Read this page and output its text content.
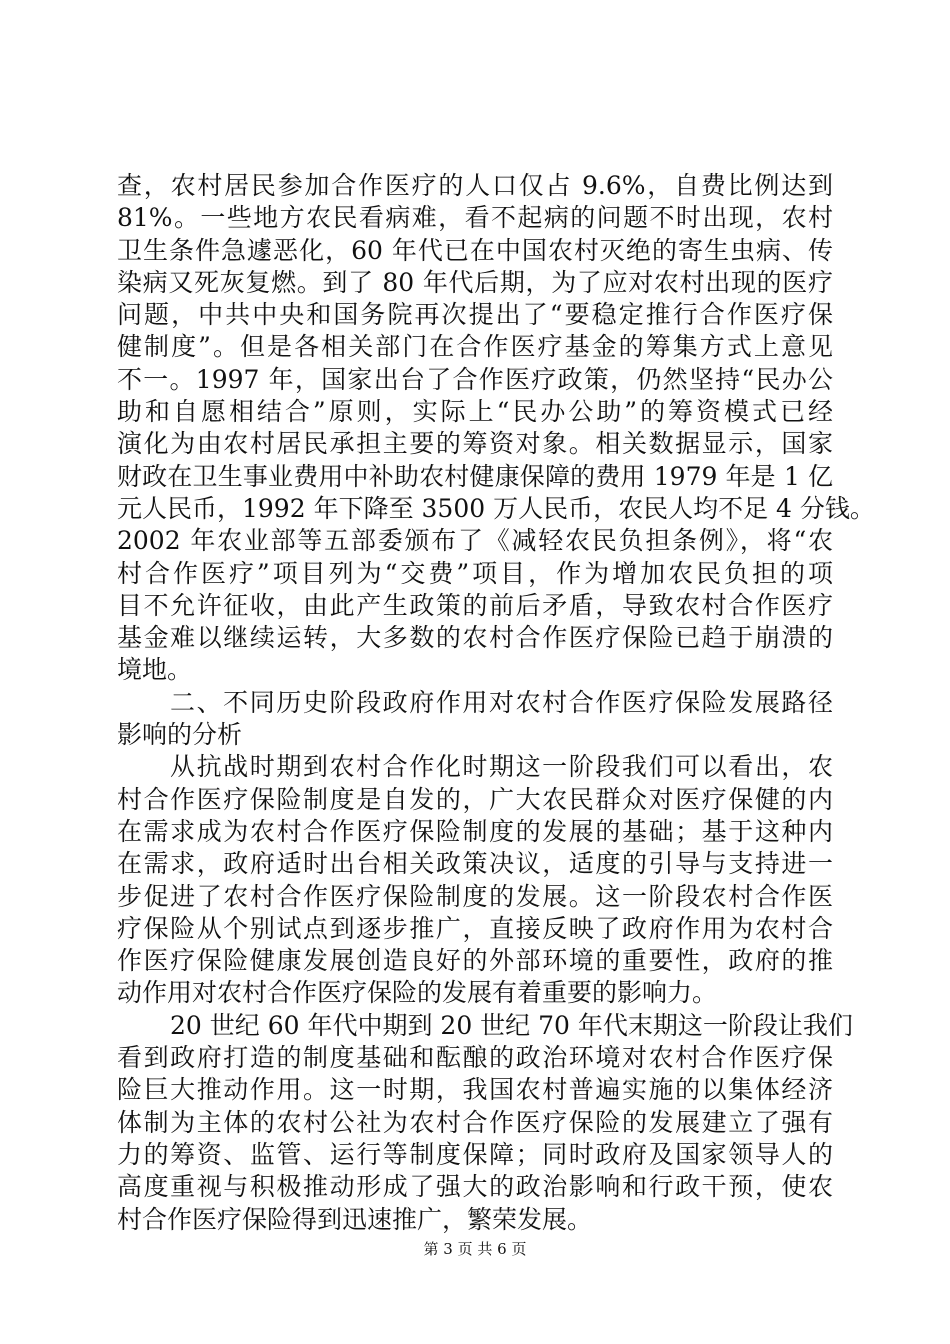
查，农村居民参加合作医疗的人口仅占 9.6%，自费比例达到
81%。一些地方农民看病难，看不起病的问题不时出现，农村
卫生条件急遽恶化，60 年代已在中国农村灭绝的寄生虫病、传
染病又死灰复燃。到了 80 年代后期，为了应对农村出现的医疗
问题，中共中央和国务院再次提出了“要稳定推行合作医疗保
健制度”。但是各相关部门在合作医疗基金的筹集方式上意见
不一。1997 年，国家出台了合作医疗政策，仍然坚持“民办公
助和自愿相结合”原则，实际上“民办公助”的筹资模式已经
演化为由农村居民承担主要的筹资对象。相关数据显示，国家
财政在卫生事业费用中补助农村健康保障的费用 1979 年是 1 亿
元人民币，1992 年下降至 3500 万人民币，农民人均不足 4 分钱。
2002 年农业部等五部委颁布了《减轻农民负担条例》，将“农
村合作医疗”项目列为“交费”项目，作为增加农民负担的项
目不允许征收，由此产生政策的前后矛盾，导致农村合作医疗
基金难以继续运转，大多数的农村合作医疗保险已趋于崩溃的
境地。
二、不同历史阶段政府作用对农村合作医疗保险发展路径
影响的分析
从抗战时期到农村合作化时期这一阶段我们可以看出，农
村合作医疗保险制度是自发的，广大农民群众对医疗保健的内
在需求成为农村合作医疗保险制度的发展的基础；基于这种内
在需求，政府适时出台相关政策决议，适度的引导与支持进一
步促进了农村合作医疗保险制度的发展。这一阶段农村合作医
疗保险从个别试点到逐步推广，直接反映了政府作用为农村合
作医疗保险健康发展创造良好的外部环境的重要性，政府的推
动作用对农村合作医疗保险的发展有着重要的影响力。
20 世纪 60 年代中期到 20 世纪 70 年代末期这一阶段让我们
看到政府打造的制度基础和酝酿的政治环境对农村合作医疗保
险巨大推动作用。这一时期，我国农村普遍实施的以集体经济
体制为主体的农村公社为农村合作医疗保险的发展建立了强有
力的筹资、监管、运行等制度保障；同时政府及国家领导人的
高度重视与积极推动形成了强大的政治影响和行政干预，使农
村合作医疗保险得到迅速推广，繁荣发展。
第 3 页 共 6 页
